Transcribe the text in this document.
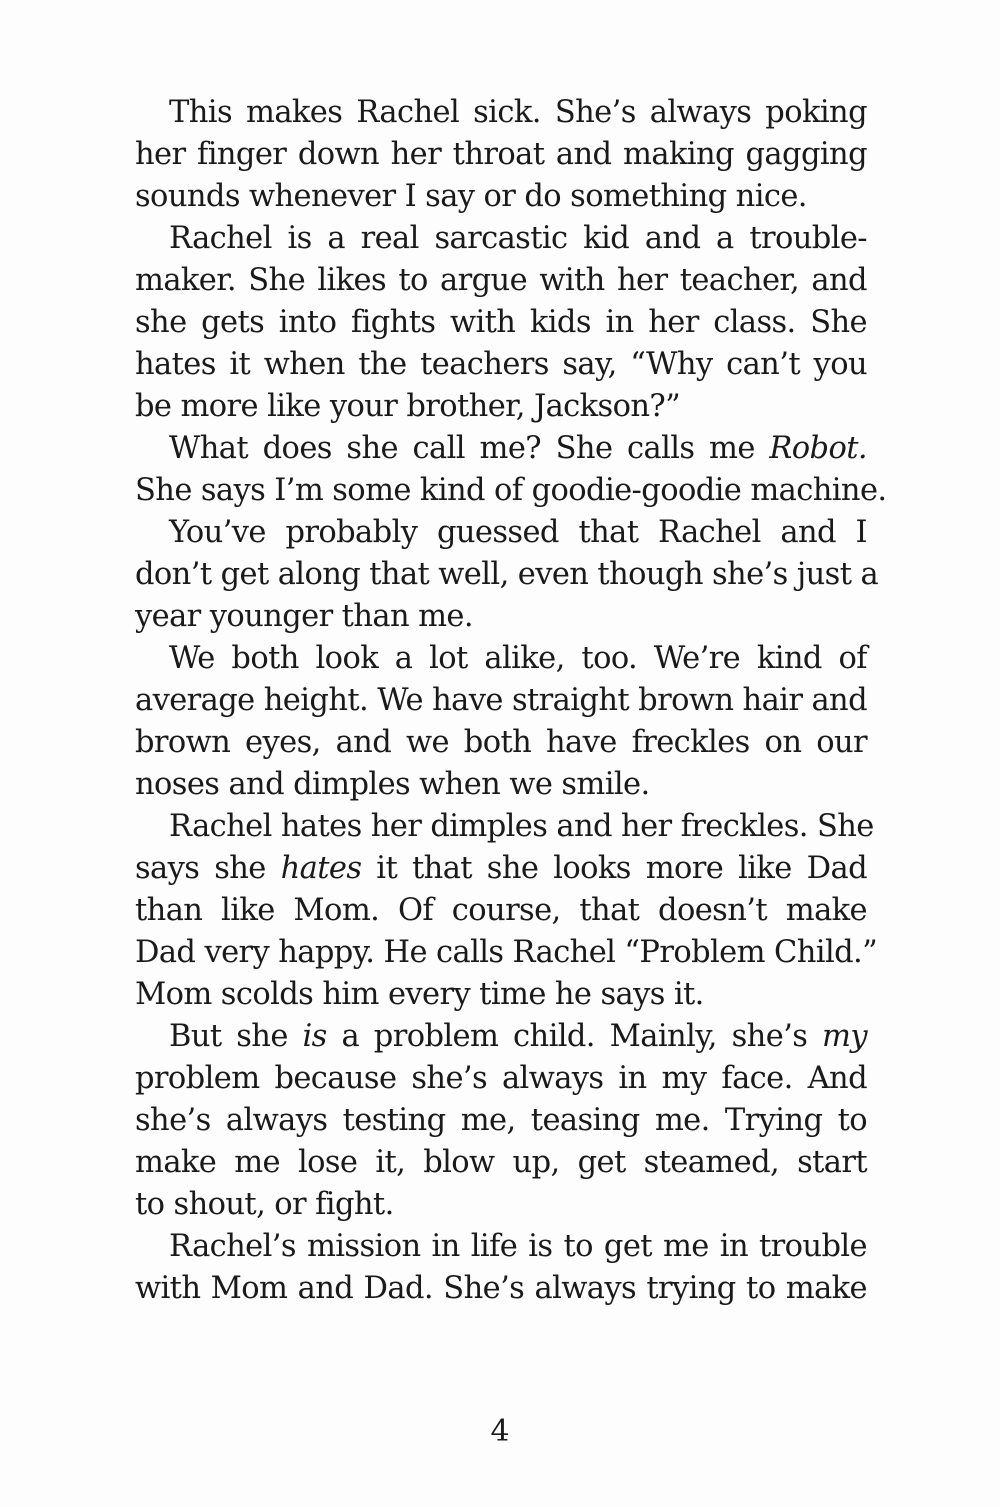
This makes Rachel sick. She’s always poking
her finger down her throat and making gagging
sounds whenever I say or do something nice.
Rachel is a real sarcastic kid and a trouble-
maker. She likes to argue with her teacher, and
she gets into fights with kids in her class. She
hates it when the teachers say, “Why can’t you
be more like your brother, Jackson?”
What does she call me? She calls me Robot.
She says I’m some kind of goodie-goodie machine.
You’ve probably guessed that Rachel and I
don’t get along that well, even though she’s just a
year younger than me.
We both look a lot alike, too. We’re kind of
average height. We have straight brown hair and
brown eyes, and we both have freckles on our
noses and dimples when we smile.
Rachel hates her dimples and her freckles. She
says she hates it that she looks more like Dad
than like Mom. Of course, that doesn’t make
Dad very happy. He calls Rachel “Problem Child.”
Mom scolds him every time he says it.
But she is a problem child. Mainly, she’s my
problem because she’s always in my face. And
she’s always testing me, teasing me. Trying to
make me lose it, blow up, get steamed, start
to shout, or fight.
Rachel’s mission in life is to get me in trouble
with Mom and Dad. She’s always trying to make
4
